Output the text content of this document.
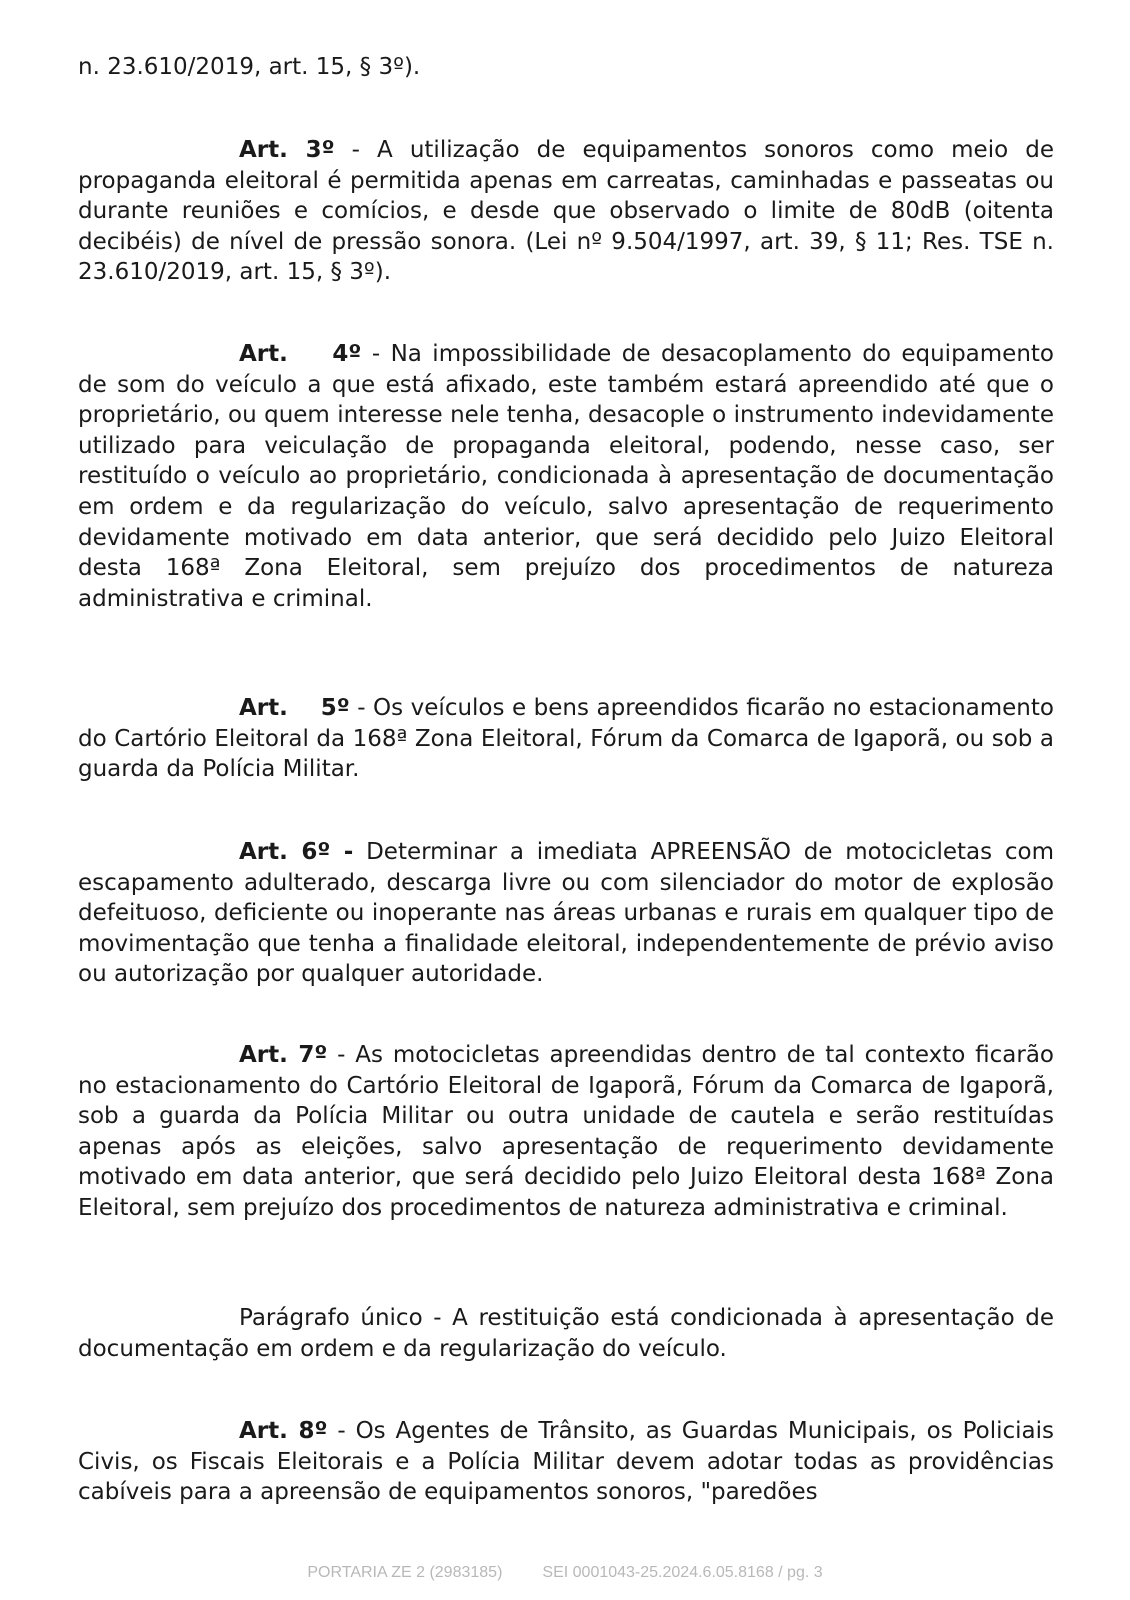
n. 23.610/2019, art. 15, § 3º).

Art. 3º - A utilização de equipamentos sonoros como meio de propaganda eleitoral é permitida apenas em carreatas, caminhadas e passeatas ou durante reuniões e comícios, e desde que observado o limite de 80dB (oitenta decibéis) de nível de pressão sonora. (Lei nº 9.504/1997, art. 39, § 11; Res. TSE n. 23.610/2019, art. 15, § 3º).

Art.    4º - Na impossibilidade de desacoplamento do equipamento de som do veículo a que está afixado, este também estará apreendido até que o proprietário, ou quem interesse nele tenha, desacople o instrumento indevidamente utilizado para veiculação de propaganda eleitoral, podendo, nesse caso, ser restituído o veículo ao proprietário, condicionada à apresentação de documentação em ordem e da regularização do veículo, salvo apresentação de requerimento devidamente motivado em data anterior, que será decidido pelo Juizo Eleitoral desta 168ª Zona Eleitoral, sem prejuízo dos procedimentos de natureza administrativa e criminal.

Art.    5º - Os veículos e bens apreendidos ficarão no estacionamento do Cartório Eleitoral da 168ª Zona Eleitoral, Fórum da Comarca de Igaporã, ou sob a guarda da Polícia Militar.

Art. 6º - Determinar a imediata APREENSÃO de motocicletas com escapamento adulterado, descarga livre ou com silenciador do motor de explosão defeituoso, deficiente ou inoperante nas áreas urbanas e rurais em qualquer tipo de movimentação que tenha a finalidade eleitoral, independentemente de prévio aviso ou autorização por qualquer autoridade.

Art. 7º - As motocicletas apreendidas dentro de tal contexto ficarão no estacionamento do Cartório Eleitoral de Igaporã, Fórum da Comarca de Igaporã, sob a guarda da Polícia Militar ou outra unidade de cautela e serão restituídas apenas após as eleições, salvo apresentação de requerimento devidamente motivado em data anterior, que será decidido pelo Juizo Eleitoral desta 168ª Zona Eleitoral, sem prejuízo dos procedimentos de natureza administrativa e criminal.

Parágrafo único - A restituição está condicionada à apresentação de documentação em ordem e da regularização do veículo.

Art. 8º - Os Agentes de Trânsito, as Guardas Municipais, os Policiais Civis, os Fiscais Eleitorais e a Polícia Militar devem adotar todas as providências cabíveis para a apreensão de equipamentos sonoros, "paredões

PORTARIA ZE 2 (2983185)	SEI 0001043-25.2024.6.05.8168 / pg. 3
